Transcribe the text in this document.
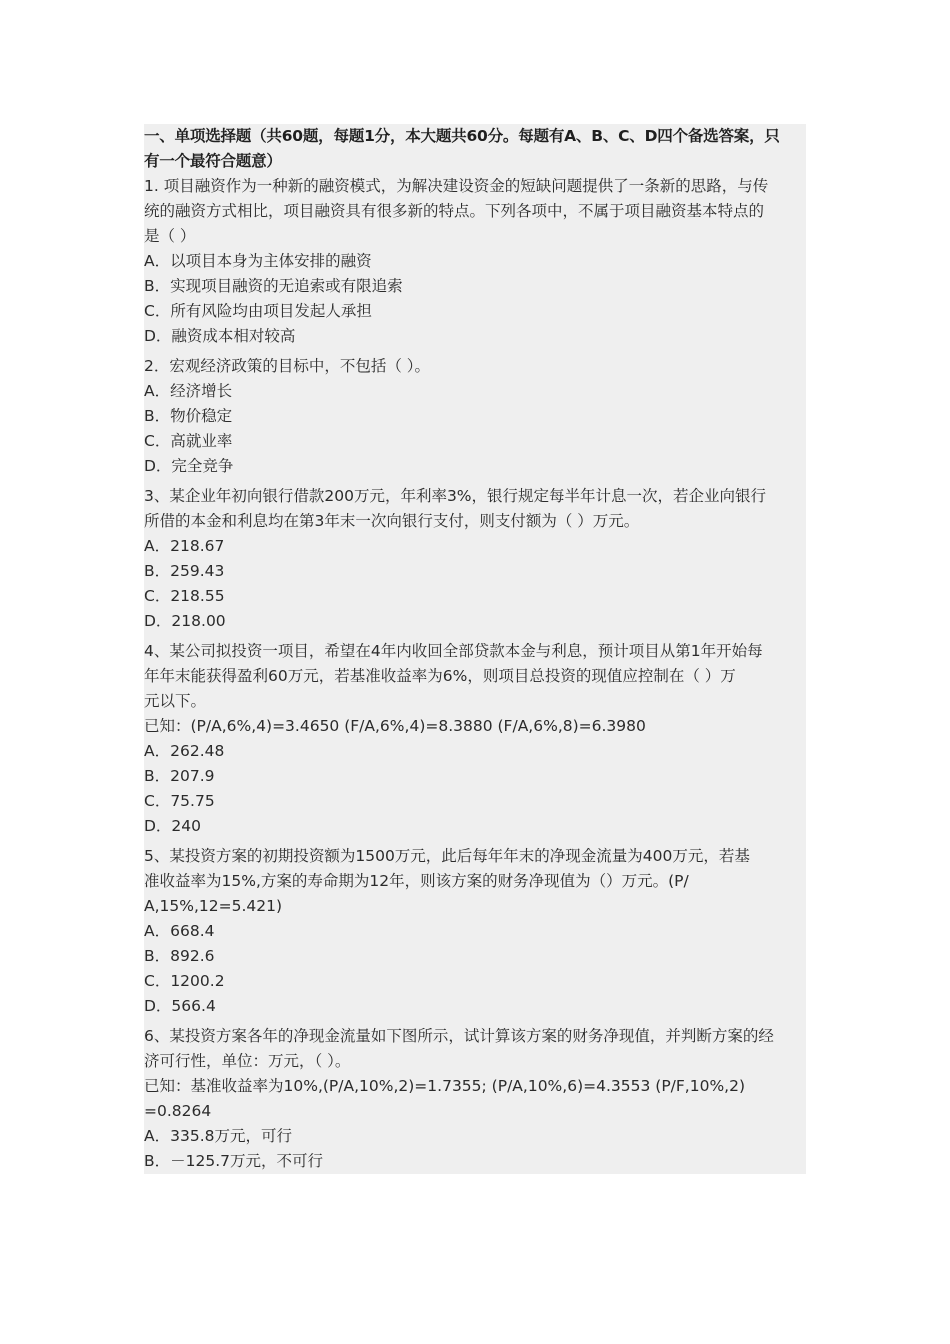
一、单项选择题（共60题，每题1分，本大题共60分。每题有A、B、C、D四个备选答案，只
有一个最符合题意）
1. 项目融资作为一种新的融资模式，为解决建设资金的短缺问题提供了一条新的思路，与传
统的融资方式相比，项目融资具有很多新的特点。下列各项中，不属于项目融资基本特点的
是（ ）
A．以项目本身为主体安排的融资
B．实现项目融资的无追索或有限追索
C．所有风险均由项目发起人承担
D．融资成本相对较高
2．宏观经济政策的目标中，不包括（ ）。
A．经济增长
B．物价稳定
C．高就业率
D．完全竞争
3、某企业年初向银行借款200万元，年利率3%，银行规定每半年计息一次，若企业向银行
所借的本金和利息均在第3年末一次向银行支付，则支付额为（ ）万元。
A．218.67
B．259.43
C．218.55
D．218.00
4、某公司拟投资一项目，希望在4年内收回全部贷款本金与利息，预计项目从第1年开始每
年年末能获得盈利60万元，若基准收益率为6%，则项目总投资的现值应控制在（ ）万
元以下。
已知：(P/A,6%,4)=3.4650 (F/A,6%,4)=8.3880 (F/A,6%,8)=6.3980
A．262.48
B．207.9
C．75.75
D．240
5、某投资方案的初期投资额为1500万元，此后每年年末的净现金流量为400万元，若基
准收益率为15%,方案的寿命期为12年，则该方案的财务净现值为（）万元。(P/
A,15%,12=5.421)
A．668.4
B．892.6
C．1200.2
D．566.4
6、某投资方案各年的净现金流量如下图所示，试计算该方案的财务净现值，并判断方案的经
济可行性，单位：万元，（ ）。
已知：基准收益率为10%,(P/A,10%,2)=1.7355; (P/A,10%,6)=4.3553 (P/F,10%,2)
=0.8264
A．335.8万元，可行
B．－125.7万元，不可行
